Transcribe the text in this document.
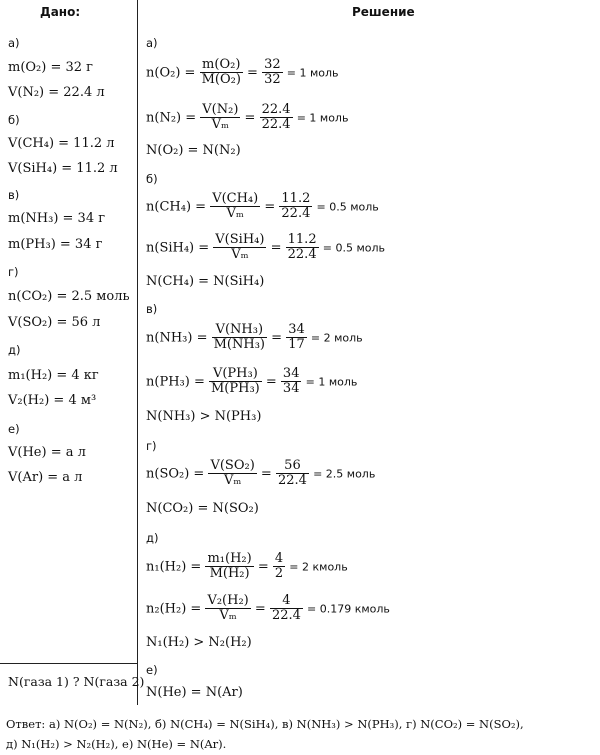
Дано:	Решение
а)
m(O₂) = 32 г
V(N₂) = 22.4 л
б)
V(CH₄) = 11.2 л
V(SiH₄) = 11.2 л
в)
m(NH₃) = 34 г
m(PH₃) = 34 г
г)
n(CO₂) = 2.5 моль
V(SO₂) = 56 л
д)
m₁(H₂) = 4 кг
V₂(H₂) = 4 м³
е)
V(He) = a л
V(Ar) = a л
N(газа 1) ? N(газа 2)
а)
$n(O_2) = \frac{\text{m(O₂)}}{\text{M(O₂)}} = \frac{32}{32} = 1$ моль
$n(N_2) = \frac{\text{V(N₂)}}{\text{Vₘ}} = \frac{22.4}{22.4} = 1$ моль
N(O₂) = N(N₂)
б)
$n(CH_4) = \frac{\text{V(CH₄)}}{\text{Vₘ}} = \frac{11.2}{22.4} = 0.5$ моль
$n(SiH_4) = \frac{\text{V(SiH₄)}}{\text{Vₘ}} = \frac{11.2}{22.4} = 0.5$ моль
N(CH₄) = N(SiH₄)
в)
$n(NH_3) = \frac{\text{V(NH₃)}}{\text{M(NH₃)}} = \frac{34}{17} = 2$ моль
$n(PH_3) = \frac{\text{V(PH₃)}}{\text{M(PH₃)}} = \frac{34}{34} = 1$ моль
N(NH₃) > N(PH₃)
г)
$n(SO_2) = \frac{\text{V(SO₂)}}{\text{Vₘ}} = \frac{56}{22.4} = 2.5$ моль
N(CO₂) = N(SO₂)
д)
$n_1(H_2) = \frac{\text{m₁(H₂)}}{\text{M(H₂)}} = \frac{4}{2} = 2$ кмоль
$n_2(H_2) = \frac{\text{V₂(H₂)}}{\text{Vₘ}} = \frac{4}{22.4} = 0.179$ кмоль
N₁(H₂) > N₂(H₂)
е)
N(He) = N(Ar)
Ответ: а) N(O₂) = N(N₂), б) N(CH₄) = N(SiH₄), в) N(NH₃) > N(PH₃), г) N(CO₂) = N(SO₂),
д) N₁(H₂) > N₂(H₂), е) N(He) = N(Ar).
